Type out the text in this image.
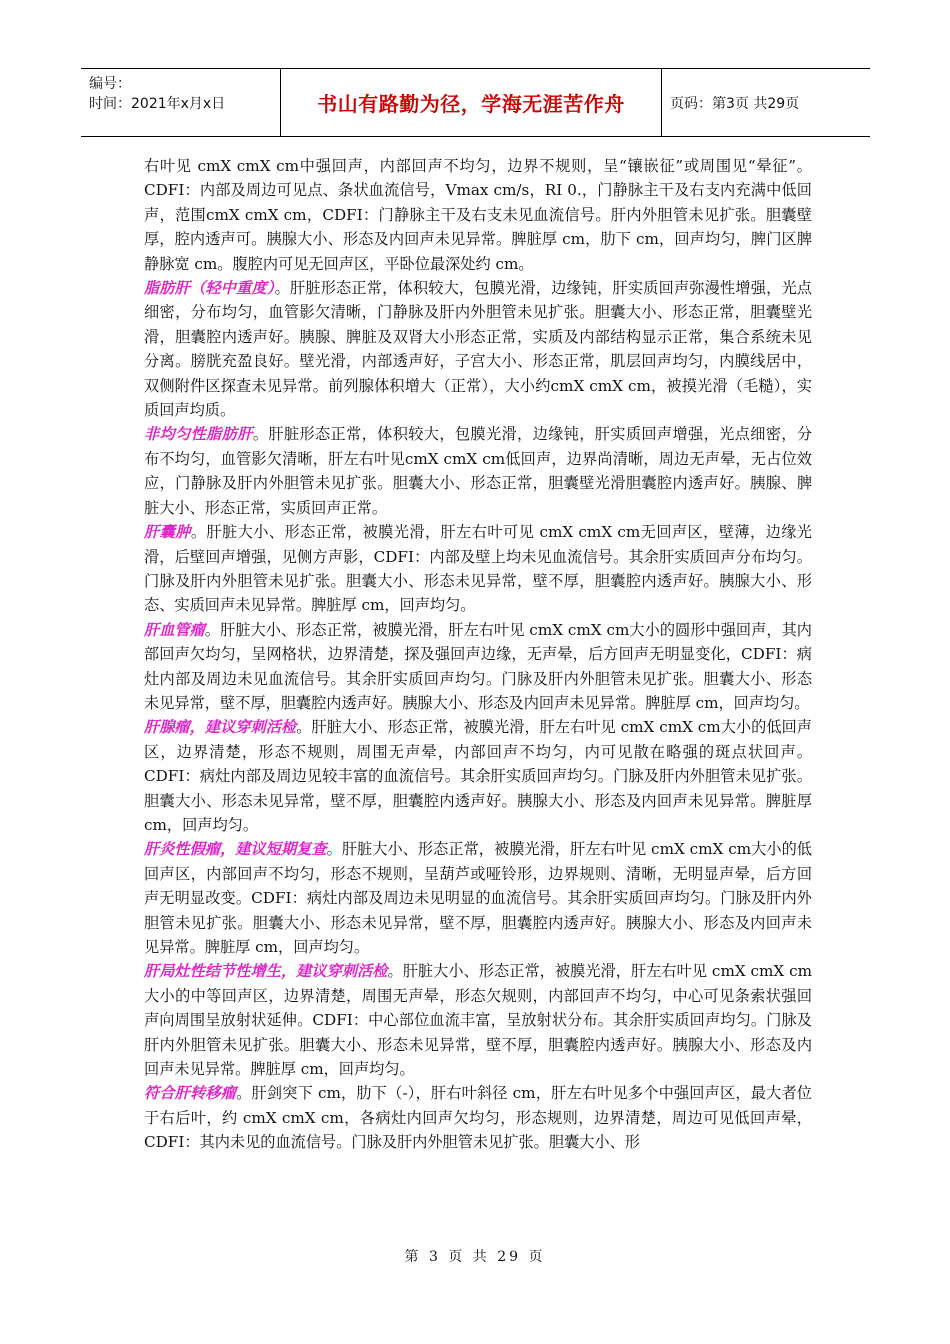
编号：
时间：2021年x月x日	书山有路勤为径，学海无涯苦作舟	页码：第3页 共29页

右叶见 cmX cmX cm中强回声，内部回声不均匀，边界不规则，呈“镶嵌征”或周围见“晕征”。CDFI：内部及周边可见点、条状血流信号，Vmax cm/s，RI 0.，门静脉主干及右支内充满中低回声，范围cmX cmX cm，CDFI：门静脉主干及右支未见血流信号。肝内外胆管未见扩张。胆囊壁厚，腔内透声可。胰腺大小、形态及内回声未见异常。脾脏厚 cm，肋下 cm，回声均匀，脾门区脾静脉宽 cm。腹腔内可见无回声区，平卧位最深处约 cm。

脂肪肝（轻中重度）。肝脏形态正常，体积较大，包膜光滑，边缘钝，肝实质回声弥漫性增强，光点细密，分布均匀，血管影欠清晰，门静脉及肝内外胆管未见扩张。胆囊大小、形态正常，胆囊壁光滑，胆囊腔内透声好。胰腺、脾脏及双肾大小形态正常，实质及内部结构显示正常，集合系统未见分离。膀胱充盈良好。壁光滑，内部透声好，子宫大小、形态正常，肌层回声均匀，内膜线居中，双侧附件区探查未见异常。前列腺体积增大（正常），大小约cmX cmX cm，被摸光滑（毛糙），实质回声均质。

非均匀性脂肪肝。肝脏形态正常，体积较大，包膜光滑，边缘钝，肝实质回声增强，光点细密，分布不均匀，血管影欠清晰，肝左右叶见cmX cmX cm低回声，边界尚清晰，周边无声晕，无占位效应，门静脉及肝内外胆管未见扩张。胆囊大小、形态正常，胆囊壁光滑胆囊腔内透声好。胰腺、脾脏大小、形态正常，实质回声正常。

肝囊肿。肝脏大小、形态正常，被膜光滑，肝左右叶可见 cmX cmX cm无回声区，壁薄，边缘光滑，后壁回声增强，见侧方声影，CDFI：内部及壁上均未见血流信号。其余肝实质回声分布均匀。门脉及肝内外胆管未见扩张。胆囊大小、形态未见异常，壁不厚，胆囊腔内透声好。胰腺大小、形态、实质回声未见异常。脾脏厚 cm，回声均匀。

肝血管瘤。肝脏大小、形态正常，被膜光滑，肝左右叶见 cmX cmX cm大小的圆形中强回声，其内部回声欠均匀，呈网格状，边界清楚，探及强回声边缘，无声晕，后方回声无明显变化，CDFI：病灶内部及周边未见血流信号。其余肝实质回声均匀。门脉及肝内外胆管未见扩张。胆囊大小、形态未见异常，壁不厚，胆囊腔内透声好。胰腺大小、形态及内回声未见异常。脾脏厚 cm，回声均匀。

肝腺瘤，建议穿刺活检。肝脏大小、形态正常，被膜光滑，肝左右叶见 cmX cmX cm大小的低回声区，边界清楚，形态不规则，周围无声晕，内部回声不均匀，内可见散在略强的斑点状回声。CDFI：病灶内部及周边见较丰富的血流信号。其余肝实质回声均匀。门脉及肝内外胆管未见扩张。胆囊大小、形态未见异常，壁不厚，胆囊腔内透声好。胰腺大小、形态及内回声未见异常。脾脏厚 cm，回声均匀。

肝炎性假瘤，建议短期复查。肝脏大小、形态正常，被膜光滑，肝左右叶见 cmX cmX cm大小的低回声区，内部回声不均匀，形态不规则，呈葫芦或哑铃形，边界规则、清晰，无明显声晕，后方回声无明显改变。CDFI：病灶内部及周边未见明显的血流信号。其余肝实质回声均匀。门脉及肝内外胆管未见扩张。胆囊大小、形态未见异常，壁不厚，胆囊腔内透声好。胰腺大小、形态及内回声未见异常。脾脏厚 cm，回声均匀。

肝局灶性结节性增生，建议穿刺活检。肝脏大小、形态正常，被膜光滑，肝左右叶见 cmX cmX cm大小的中等回声区，边界清楚，周围无声晕，形态欠规则，内部回声不均匀，中心可见条索状强回声向周围呈放射状延伸。CDFI：中心部位血流丰富，呈放射状分布。其余肝实质回声均匀。门脉及肝内外胆管未见扩张。胆囊大小、形态未见异常，壁不厚，胆囊腔内透声好。胰腺大小、形态及内回声未见异常。脾脏厚 cm，回声均匀。

符合肝转移瘤。肝剑突下 cm，肋下（-），肝右叶斜径 cm，肝左右叶见多个中强回声区，最大者位于右后叶，约 cmX cmX cm，各病灶内回声欠均匀，形态规则，边界清楚，周边可见低回声晕，CDFI：其内未见的血流信号。门脉及肝内外胆管未见扩张。胆囊大小、形

第 3 页 共 29 页
